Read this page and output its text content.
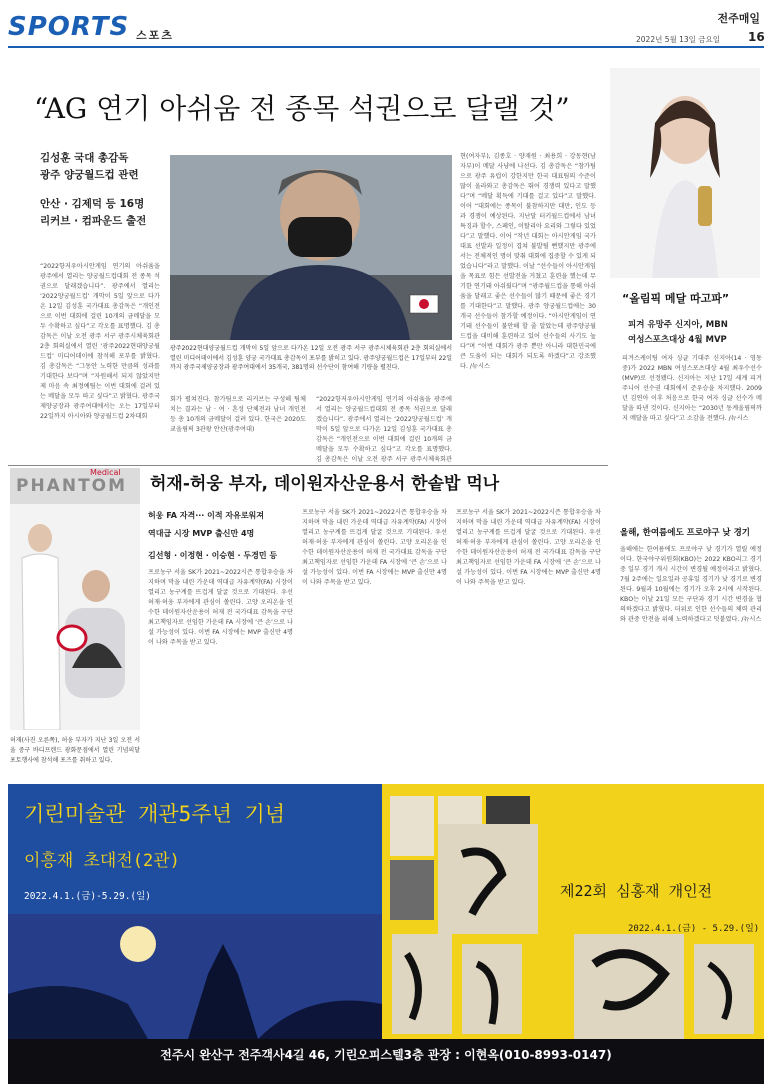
SPORTS 스포츠
전주매일
2022년 5월 13일 금요일 16
“AG 연기 아쉬움 전 종목 석권으로 달랠 것”
김성훈 국대 총감독
광주 양궁월드컵 관련
안산 · 김제덕 등 16명
리커브 · 컴파운드 출전
“2022항저우아시안게임 연기의 아쉬움을 광주에서 열리는 양궁월드컵대회 전 종목 석권으로 달래겠습니다”. 광주에서 열리는 ‘2022양궁월드컵’ 개막이 5일 앞으로 다가온 12일 김성훈 국가대표 총감독은 “개인전으로 이번 대회에 걸린 10개의 금메달을 모두 수확하고 싶다”고 각오를 표명했다. 김 총감독은 이날 오전 광주 서구 광주시체육회관 2층 회의실에서 열린 ‘광주2022현대양궁월드컵’ 미디어데이에 참석해 포부를 밝혔다. 김 총감독은 “그동안 노력한 만큼의 성과를 기대한다 보다”며 “자원해서 되지 않았지만 제 마음 속 최정예팀는 이번 대회에 걸려 있는 메달을 모두 따고 싶다”고 밝혔다. 광주국제양궁장과 광주여대에서는 오는 17일부터 22일까지 아시아와 양궁월드컵 2차대회
광주2022현대양궁월드컵 개막이 5일 앞으로 다가온 12일 오전 광주 서구 광주시체육회관 2층 회의실에서 열린 미디어데이에서 김성훈 양궁 국가대표 총감독이 포부를 밝히고 있다. 광주양궁월드컵은 17일부터 22일까지 광주국제양궁장과 광주여대에서 35개국, 381명의 선수단이 참여해 기량을 펼친다.
회가 펼쳐진다. 참가팀으로 리커브는 구성해 팀체치는 결과는 남 · 여 · 혼성 단체전과 남녀 개인전 등 총 10개의 금메달이 걸려 있다. 한국은 2020도쿄올림픽 3관왕 안산(광주여대)
“2022항저우아시안게임 연기의 아쉬움을 광주에서 열리는 양궁월드컵대회 전 종목 석권으로 달래겠습니다”. 광주에서 열리는 ‘2022양궁월드컵’ 개막이 5일 앞으로 다가온 12일 김성훈 국가대표 총감독은 “개인전으로 이번 대회에 걸린 10개의 금메달을 모두 수확하고 싶다”고 각오를 표명했다. 김 총감독은 이날 오전 광주 서구 광주시체육회관
현(여자부), 김종호 · 양재원 · 최용희 · 강동현(남자부)이 메달 사냥에 나선다. 김 총감독은 “참가팀으로 광주 유럽이 강한지만 한국 대표팀의 수준이 많이 올라와고 총감독은 뛰어 경쟁력 있다고 말했다”며 “메달 획득에 기대를 걸고 있다”고 말했다. 이어 “대회에는 종목이 불참하지만 대만, 인도 등과 경쟁이 예상된다. 지난달 터키월드컵에서 남녀 특징과 할수, 스페인, 이탈리아 요리와 그렇다 있었다”고 말했다. 이어 “작년 대회는 아시안게임 국가대표 선발과 일정이 겹쳐 불발될 뻔했지만 광주에서는 전체적인 명이 맞춰 대회에 집중할 수 있게 되었습니다”라고 말했다. 이날 “선수들이 아시안게임을 목표로 힘든 선발전을 거쳤고 훈련을 했는데 무기한 연기돼 아쉬웠다”며 “광주월드컵을 통해 아쉬움을 달래고 좋은 선수들이 많기 때문에 좋은 경기를 기대한다”고 말했다. 광주 양궁월드컵에는 30개국 선수들이 참가할 예정이다. “아시안게임이 연기돼 선수들이 불안해 할 줄 알았는데 광주양궁월드컵을 대비해 훈련하고 있어 선수들의 사기도 높다”며 “이번 대회가 광주 뿐만 아니라 대한민국에 큰 도움이 되는 대회가 되도록 하겠다”고 강조했다. /뉴시스
“올림픽 메달 따고파”
피겨 유망주 신지아, MBN
여성스포츠대상 4월 MVP
피겨스케이팅 여자 싱글 기대주 신지아(14 · 영동중)가 2022 MBN 여성스포츠대상 4월 최우수선수(MVP)로 선정됐다. 신지아는 지난 17일 세계 피겨 주니어 선수권 대회에서 준우승을 차지했다. 2009년 김연아 이후 처음으로 한국 여자 싱글 선수가 메달을 따낸 것이다. 신지아는 “2030년 동계올림픽까지 메달을 따고 싶다”고 소감을 전했다. /뉴시스
허재-허웅 부자, 데이원자산운용서 한솥밥 먹나
Medical
PHANTOM
허재(사진 오른쪽), 허웅 부자가 지난 3일 오전 서울 중구 바디프랜드 광화문점에서 열린 기념의달 포토행사에 참석해 포즈를 취하고 있다.
허웅 FA 자격··· 이적 자유로워져
역대급 시장 MVP 출신만 4명
김선형 · 이정현 · 이승현 · 두경민 등
프로농구 서울 SK가 2021~2022시즌 통합우승을 차지하며 막을 내린 가운데 역대급 자유계약(FA) 시장이 열리고 농구계를 뜨겁게 달굴 것으로 기대된다. 우선 허재·허웅 부자에게 관심이 쏠린다. 고양 오리온을 인수한 데이원자산운용이 허재 전 국가대표 감독을 구단 최고책임자로 선임한 가운데 FA 시장에 ‘큰 손’으로 나설 가능성이 있다. 이번 FA 시장에는 MVP 출신만 4명이 나와 주목을 받고 있다.
프로농구 서울 SK가 2021~2022시즌 통합우승을 차지하며 막을 내린 가운데 역대급 자유계약(FA) 시장이 열리고 농구계를 뜨겁게 달굴 것으로 기대된다. 우선 허재·허웅 부자에게 관심이 쏠린다. 고양 오리온을 인수한 데이원자산운용이 허재 전 국가대표 감독을 구단 최고책임자로 선임한 가운데 FA 시장에 ‘큰 손’으로 나설 가능성이 있다. 이번 FA 시장에는 MVP 출신만 4명이 나와 주목을 받고 있다.
프로농구 서울 SK가 2021~2022시즌 통합우승을 차지하며 막을 내린 가운데 역대급 자유계약(FA) 시장이 열리고 농구계를 뜨겁게 달굴 것으로 기대된다. 우선 허재·허웅 부자에게 관심이 쏠린다. 고양 오리온을 인수한 데이원자산운용이 허재 전 국가대표 감독을 구단 최고책임자로 선임한 가운데 FA 시장에 ‘큰 손’으로 나설 가능성이 있다. 이번 FA 시장에는 MVP 출신만 4명이 나와 주목을 받고 있다.
올해, 한여름에도 프로야구 낮 경기
올해에는 한여름에도 프로야구 낮 경기가 열릴 예정이다. 한국야구위원회(KBO)는 2022 KBO리그 경기 중 일부 경기 개시 시간이 변경될 예정이라고 밝혔다. 7월 2주에는 일요일과 공휴일 경기가 낮 경기로 변경된다. 9월과 10월에는 경기가 오후 2시에 시작된다. KBO는 이날 21일 모든 구단과 경기 시간 변경을 협의하겠다고 밝혔다. 더위로 인한 선수들의 체력 관리와 관중 안전을 위해 노력하겠다고 덧붙였다. /뉴시스
기린미술관 개관5주년 기념
이흥재 초대전(2관)
2022.4.1.(금)-5.29.(일)	제22회 심홍재 개인전
2022.4.1.(금) - 5.29.(일)
전주시 완산구 전주객사4길 46, 기린오피스텔3층 관장 : 이현옥(010-8993-0147)
